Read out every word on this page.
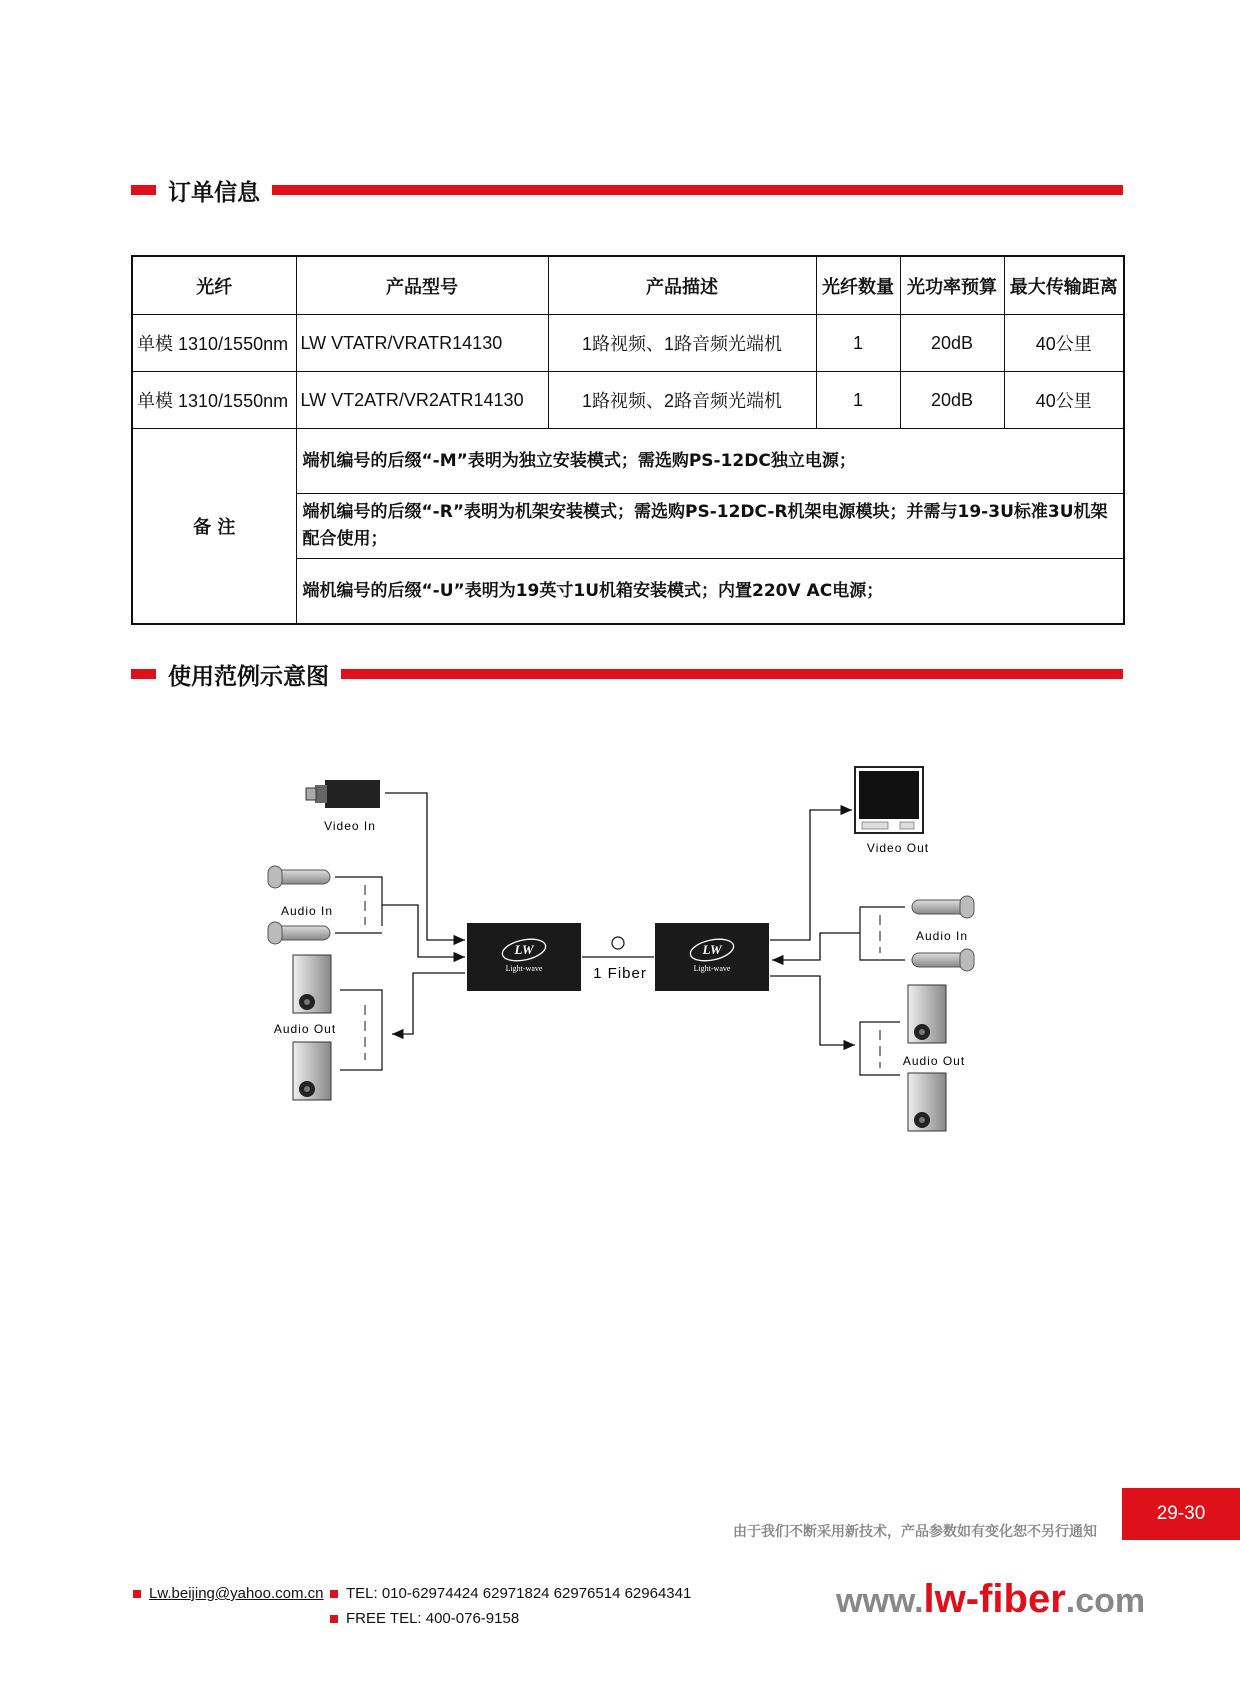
订单信息
光纤	产品型号	产品描述	光纤数量	光功率预算	最大传输距离
单模 1310/1550nm	LW VTATR/VRATR14130	1路视频、1路音频光端机	1	20dB	40公里
单模 1310/1550nm	LW VT2ATR/VR2ATR14130	1路视频、2路音频光端机	1	20dB	40公里
备 注	端机编号的后缀“-M”表明为独立安装模式；需选购PS-12DC独立电源；				
	端机编号的后缀“-R”表明为机架安装模式；需选购PS-12DC-R机架电源模块；并需与19-3U标准3U机架配合使用；				
	端机编号的后缀“-U”表明为19英寸1U机箱安装模式；内置220V AC电源；				
使用范例示意图
Video In
Audio In
Audio Out
LW
Light-wave	1 Fiber
LW
Light-wave
Video Out
Audio In
Audio Out
29-30
由于我们不断采用新技术，产品参数如有变化恕不另行通知
Lw.beijing@yahoo.com.cn TEL: 010-62974424 62971824 62976514 62964341
FREE TEL: 400-076-9158	www.lw-fiber.com
